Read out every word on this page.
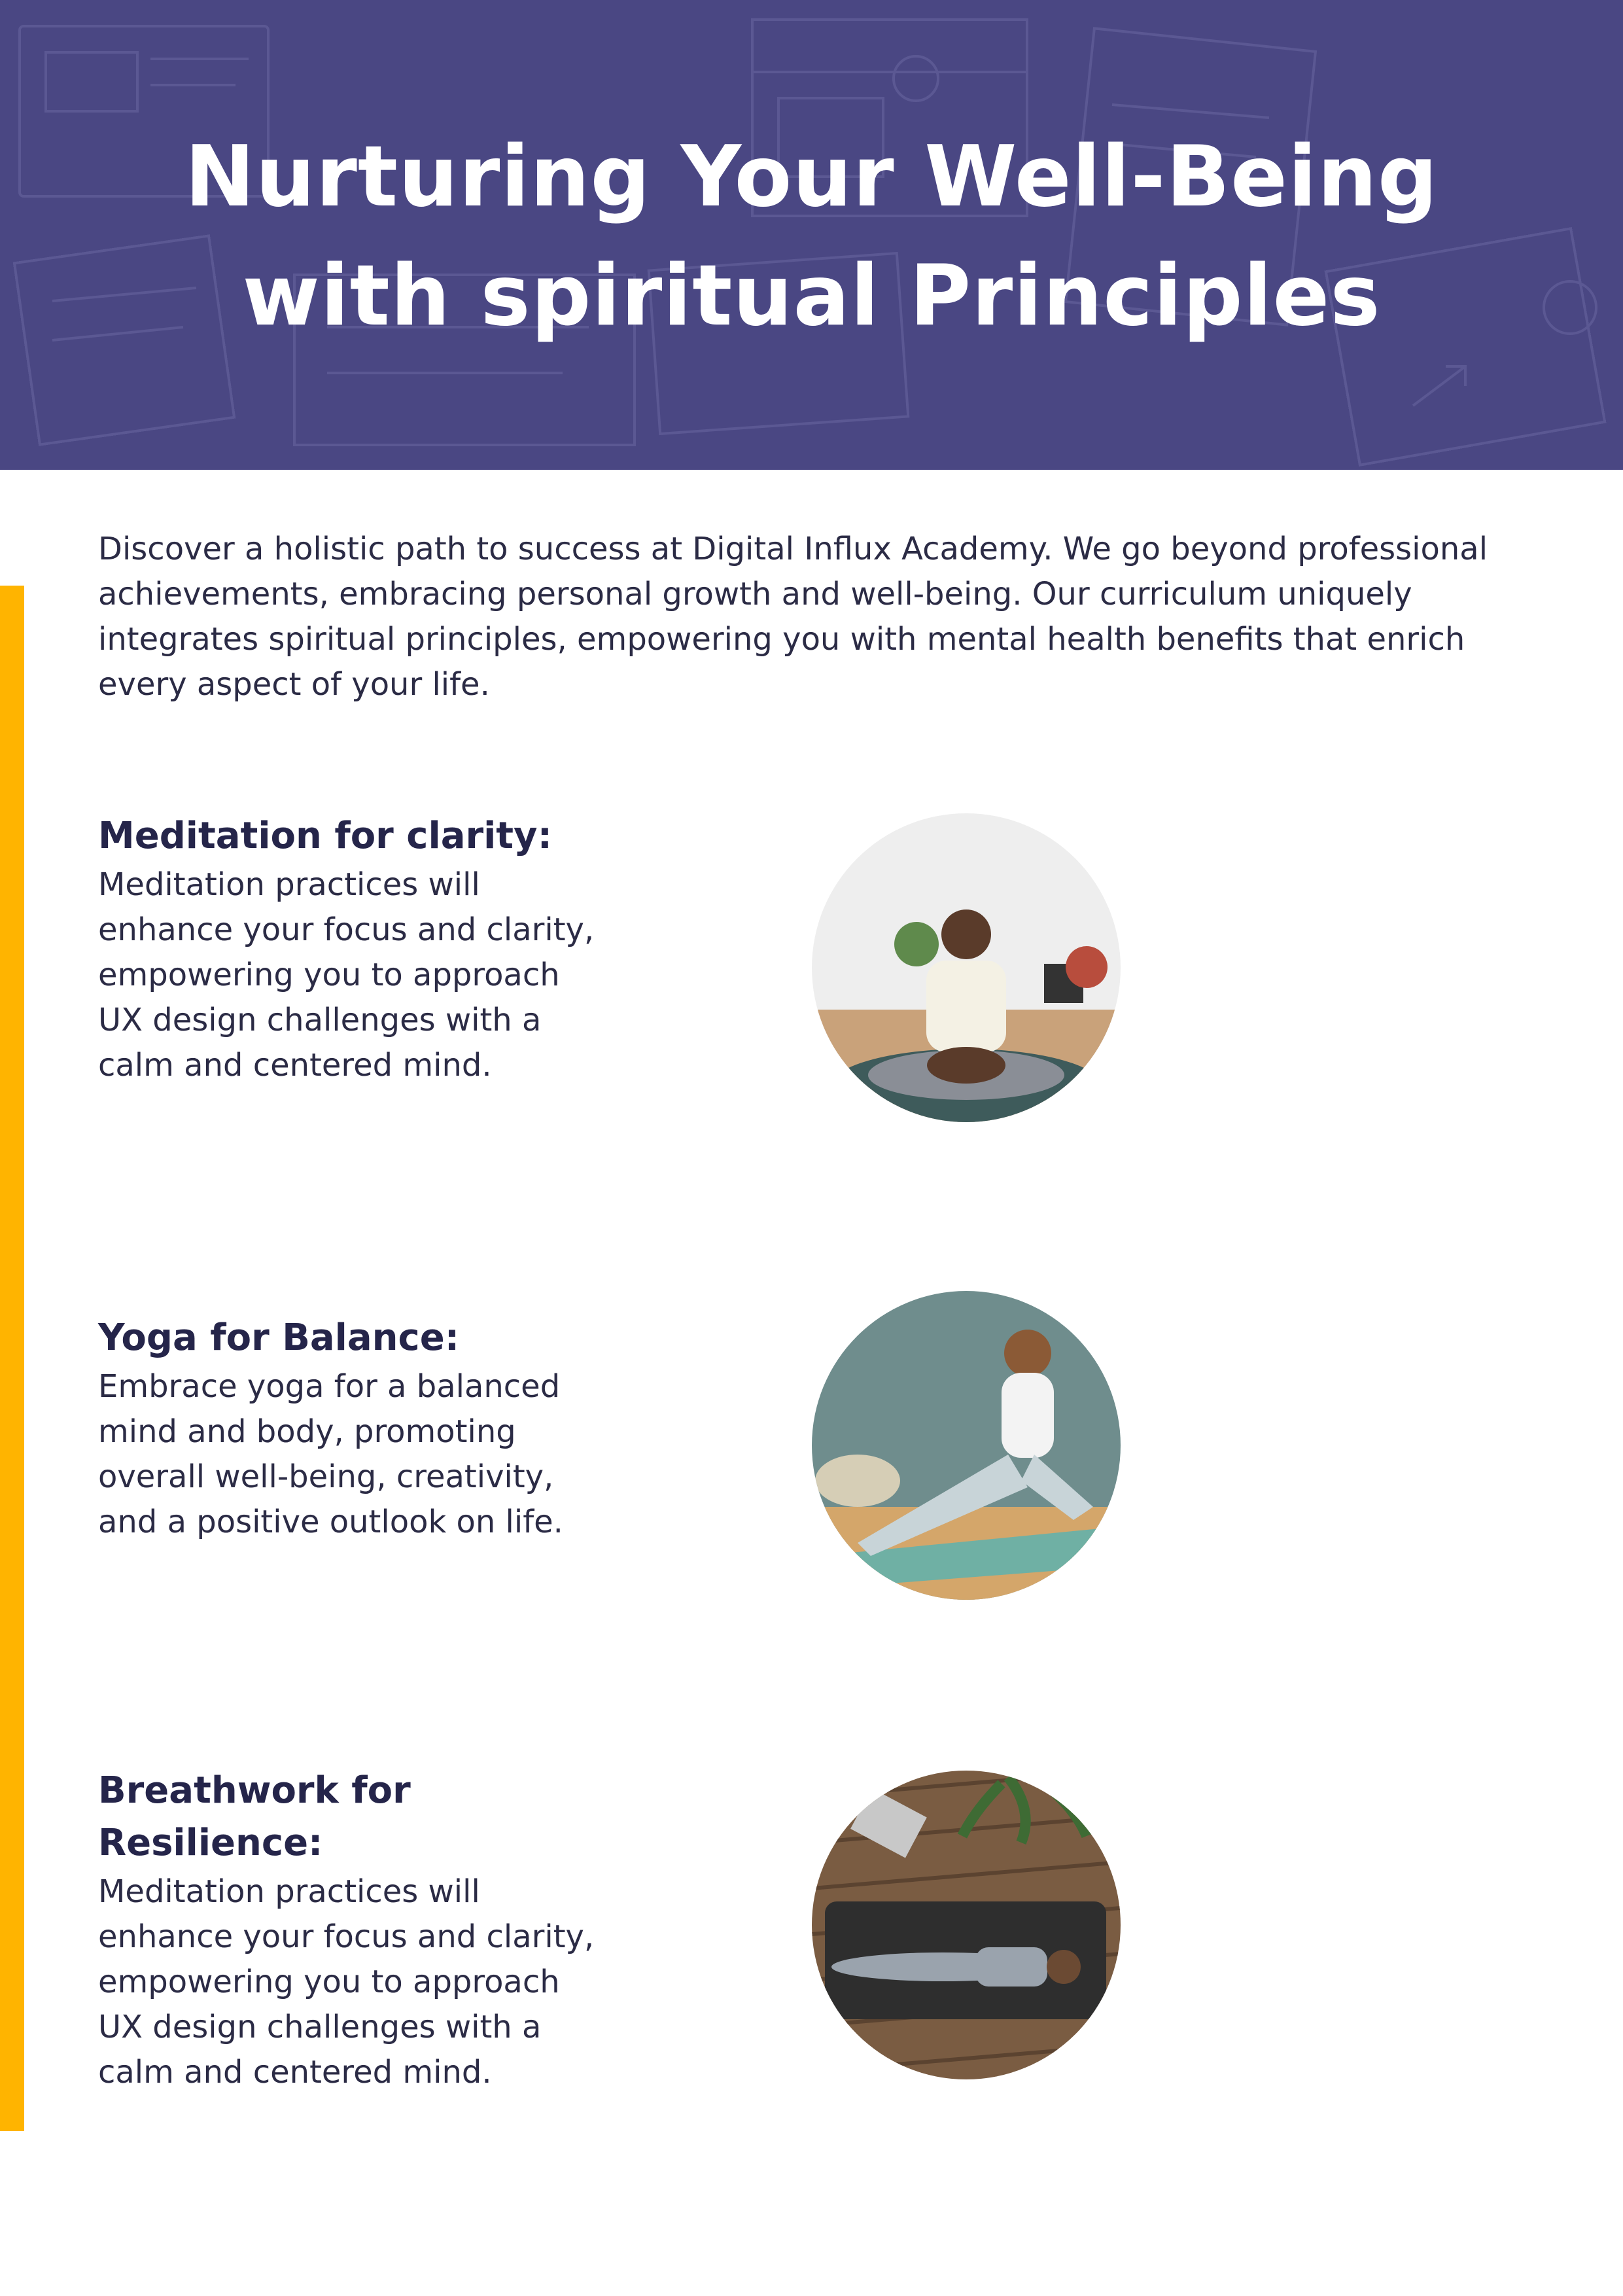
Nurturing Your Well-Being
with spiritual Principles

Discover a holistic path to success at Digital Influx Academy. We go beyond professional achievements, embracing personal growth and well-being. Our curriculum uniquely integrates spiritual principles, empowering you with mental health benefits that enrich every aspect of your life.

Meditation for clarity:

Meditation practices will enhance your focus and clarity, empowering you to approach UX design challenges with a calm and centered mind.

Yoga for Balance:

Embrace yoga for a balanced mind and body, promoting overall well-being, creativity, and a positive outlook on life.

Breathwork for Resilience:

Meditation practices will enhance your focus and clarity, empowering you to approach UX design challenges with a calm and centered mind.
